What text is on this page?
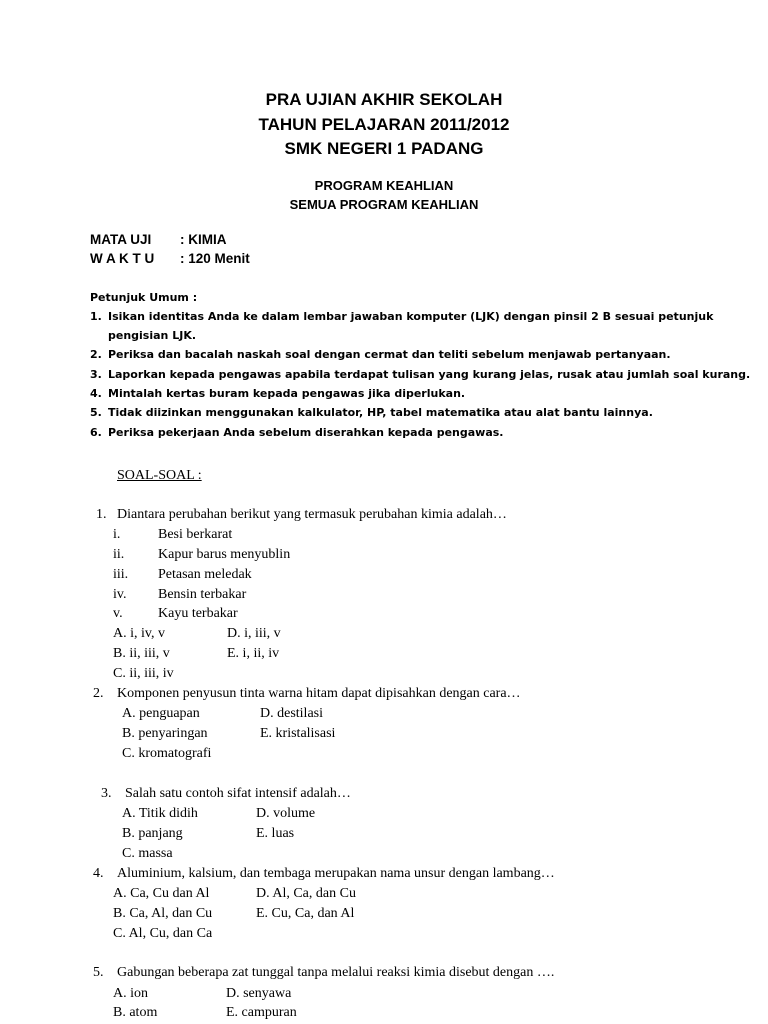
PRA UJIAN AKHIR SEKOLAH
TAHUN PELAJARAN 2011/2012
SMK NEGERI 1 PADANG
PROGRAM KEAHLIAN
SEMUA PROGRAM KEAHLIAN
MATA UJI : KIMIA
W A K T U : 120 Menit
Petunjuk Umum :
1. Isikan identitas Anda ke dalam lembar jawaban komputer (LJK) dengan pinsil 2 B sesuai petunjuk
pengisian LJK.
2. Periksa dan bacalah naskah soal dengan cermat dan teliti sebelum menjawab pertanyaan.
3. Laporkan kepada pengawas apabila terdapat tulisan yang kurang jelas, rusak atau jumlah soal kurang.
4. Mintalah kertas buram kepada pengawas jika diperlukan.
5. Tidak diizinkan menggunakan kalkulator, HP, tabel matematika atau alat bantu lainnya.
6. Periksa pekerjaan Anda sebelum diserahkan kepada pengawas.
SOAL-SOAL :
1. Diantara perubahan berikut yang termasuk perubahan kimia adalah…
i.	Besi berkarat
ii. Kapur barus menyublin
iii. Petasan meledak
iv. Bensin terbakar
v.	Kayu terbakar
A. i, iv, v	D. i, iii, v
B. ii, iii, v	E. i, ii, iv
C. ii, iii, iv
2. Komponen penyusun tinta warna hitam dapat dipisahkan dengan cara…
A. penguapan	D. destilasi
B. penyaringan	E. kristalisasi
C. kromatografi
3. Salah satu contoh sifat intensif adalah…
A. Titik didih	D. volume
B. panjang	E. luas
C. massa
4. Aluminium, kalsium, dan tembaga merupakan nama unsur dengan lambang…
A. Ca, Cu dan Al	D. Al, Ca, dan Cu
B. Ca, Al, dan Cu	E. Cu, Ca, dan Al
C. Al, Cu, dan Ca
5. Gabungan beberapa zat tunggal tanpa melalui reaksi kimia disebut dengan ….
A. ion	D. senyawa
B. atom	E. campuran
